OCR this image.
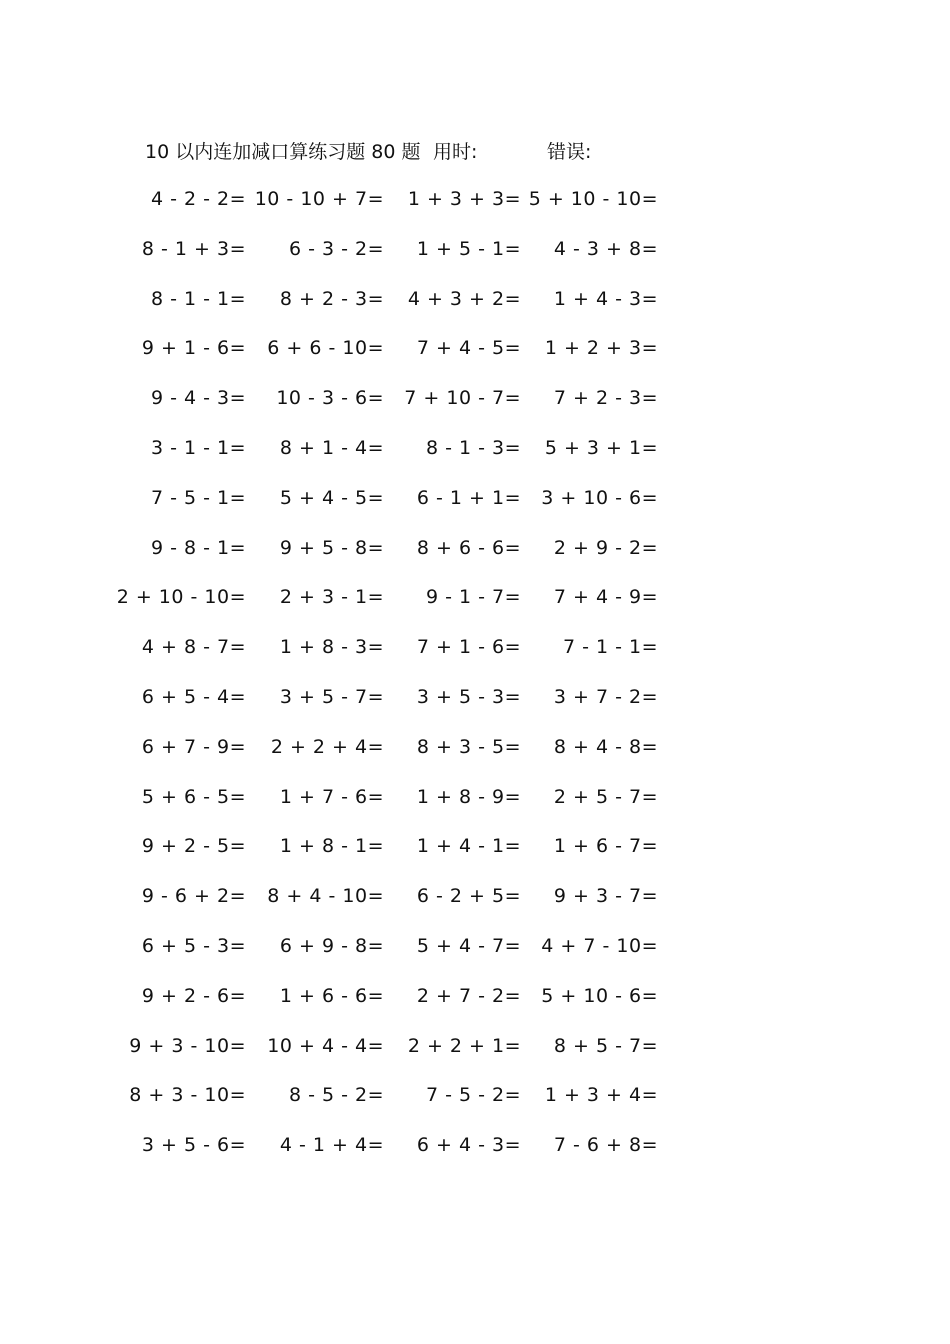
10 以内连加减口算练习题 80 题 用时:	错误:
4 - 2 - 2= 10 - 10 + 7=	1 + 3 + 3= 5 + 10 - 10=
8 - 1 + 3=	6 - 3 - 2=	1 + 5 - 1=	4 - 3 + 8=
8 - 1 - 1=	8 + 2 - 3=	4 + 3 + 2=	1 + 4 - 3=
9 + 1 - 6=	6 + 6 - 10=	7 + 4 - 5=	1 + 2 + 3=
9 - 4 - 3=	10 - 3 - 6=	7 + 10 - 7=	7 + 2 - 3=
3 - 1 - 1=	8 + 1 - 4=	8 - 1 - 3=	5 + 3 + 1=
7 - 5 - 1=	5 + 4 - 5=	6 - 1 + 1=	3 + 10 - 6=
9 - 8 - 1=	9 + 5 - 8=	8 + 6 - 6=	2 + 9 - 2=
2 + 10 - 10=	2 + 3 - 1=	9 - 1 - 7=	7 + 4 - 9=
4 + 8 - 7=	1 + 8 - 3=	7 + 1 - 6=	7 - 1 - 1=
6 + 5 - 4=	3 + 5 - 7=	3 + 5 - 3=	3 + 7 - 2=
6 + 7 - 9=	2 + 2 + 4=	8 + 3 - 5=	8 + 4 - 8=
5 + 6 - 5=	1 + 7 - 6=	1 + 8 - 9=	2 + 5 - 7=
9 + 2 - 5=	1 + 8 - 1=	1 + 4 - 1=	1 + 6 - 7=
9 - 6 + 2=	8 + 4 - 10=	6 - 2 + 5=	9 + 3 - 7=
6 + 5 - 3=	6 + 9 - 8=	5 + 4 - 7=	4 + 7 - 10=
9 + 2 - 6=	1 + 6 - 6=	2 + 7 - 2=	5 + 10 - 6=
9 + 3 - 10=	10 + 4 - 4=	2 + 2 + 1=	8 + 5 - 7=
8 + 3 - 10=	8 - 5 - 2=	7 - 5 - 2=	1 + 3 + 4=
3 + 5 - 6=	4 - 1 + 4=	6 + 4 - 3=	7 - 6 + 8=
